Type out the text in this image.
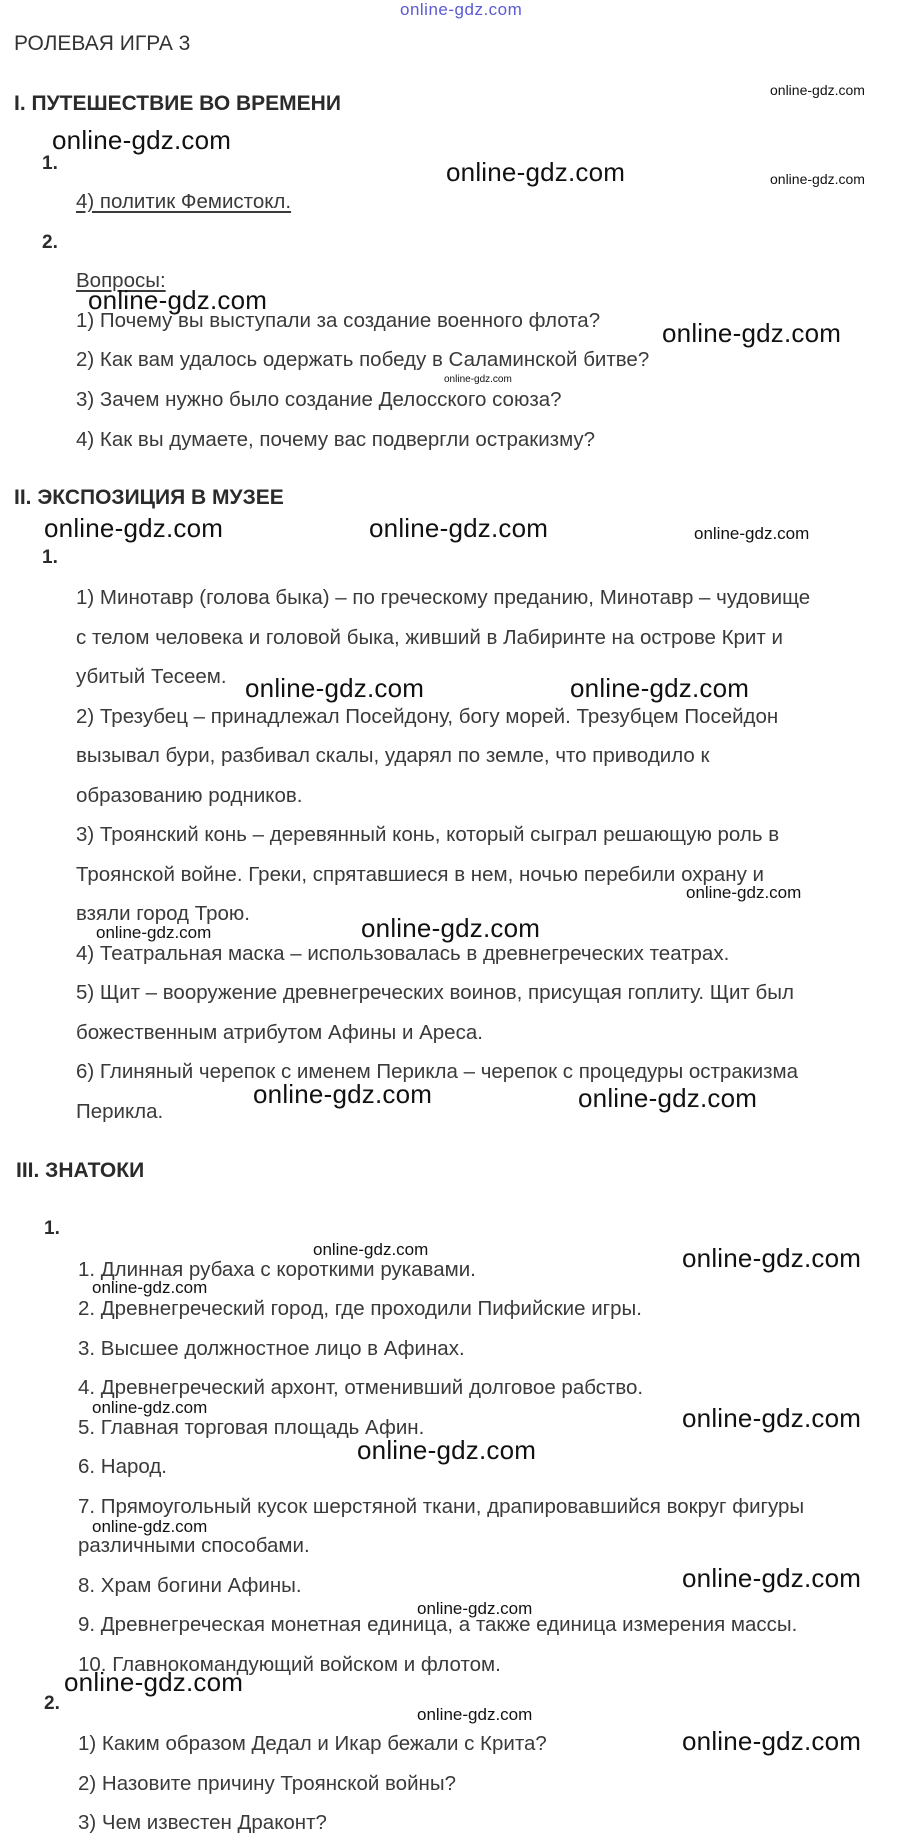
online-gdz.com
РОЛЕВАЯ ИГРА 3
I. ПУТЕШЕСТВИЕ ВО ВРЕМЕНИ
1.
4) политик Фемистокл.
2.
Вопросы:
1) Почему вы выступали за создание военного флота?
2) Как вам удалось одержать победу в Саламинской битве?
3) Зачем нужно было создание Делосского союза?
4) Как вы думаете, почему вас подвергли остракизму?
II. ЭКСПОЗИЦИЯ В МУЗЕЕ
1.
1) Минотавр (голова быка) – по греческому преданию, Минотавр – чудовище
с телом человека и головой быка, живший в Лабиринте на острове Крит и
убитый Тесеем.
2) Трезубец – принадлежал Посейдону, богу морей. Трезубцем Посейдон
вызывал бури, разбивал скалы, ударял по земле, что приводило к
образованию родников.
3) Троянский конь – деревянный конь, который сыграл решающую роль в
Троянской войне. Греки, спрятавшиеся в нем, ночью перебили охрану и
взяли город Трою.
4) Театральная маска – использовалась в древнегреческих театрах.
5) Щит – вооружение древнегреческих воинов, присущая гоплиту. Щит был
божественным атрибутом Афины и Ареса.
6) Глиняный черепок с именем Перикла – черепок с процедуры остракизма
Перикла.
III. ЗНАТОКИ
1.
1. Длинная рубаха с короткими рукавами.
2. Древнегреческий город, где проходили Пифийские игры.
3. Высшее должностное лицо в Афинах.
4. Древнегреческий архонт, отменивший долговое рабство.
5. Главная торговая площадь Афин.
6. Народ.
7. Прямоугольный кусок шерстяной ткани, драпировавшийся вокруг фигуры
различными способами.
8. Храм богини Афины.
9. Древнегреческая монетная единица, а также единица измерения массы.
10. Главнокомандующий войском и флотом.
2.
1) Каким образом Дедал и Икар бежали с Крита?
2) Назовите причину Троянской войны?
3) Чем известен Драконт?
online-gdz.com
online-gdz.com
online-gdz.com
online-gdz.com
online-gdz.com
online-gdz.com
online-gdz.com
online-gdz.com	online-gdz.com	online-gdz.com
online-gdz.com	online-gdz.com
online-gdz.com
online-gdz.com
online-gdz.com
online-gdz.com	online-gdz.com
online-gdz.com	online-gdz.com
online-gdz.com
online-gdz.com	online-gdz.com
online-gdz.com
online-gdz.com
online-gdz.com
online-gdz.com
online-gdz.com
online-gdz.com
online-gdz.com
